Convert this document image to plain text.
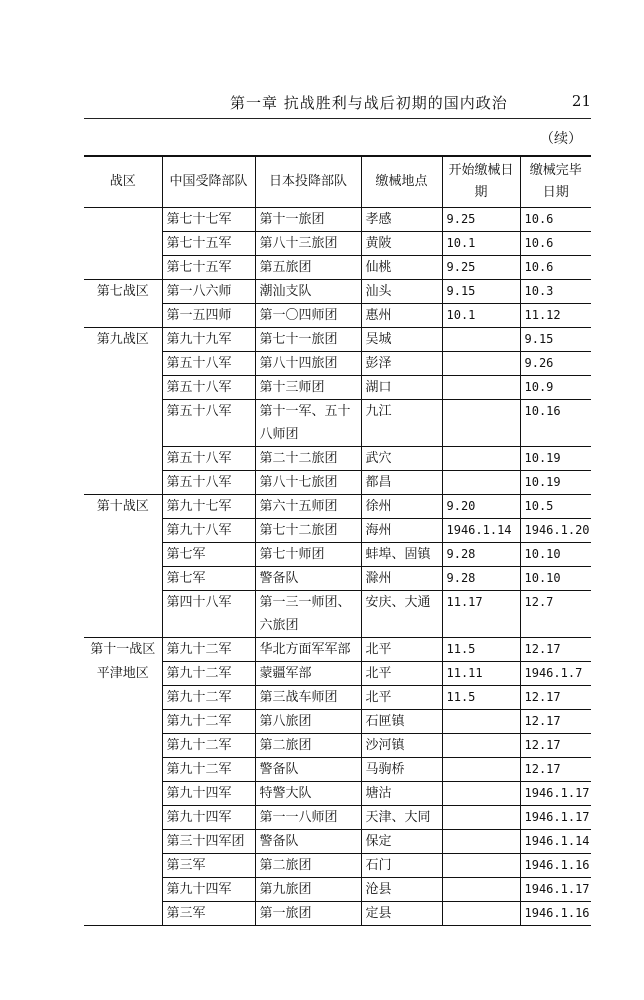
第一章 抗战胜利与战后初期的国内政治	21
（续）
战区	中国受降部队	日本投降部队	缴械地点	开始缴械日期	缴械完毕日期
	第七十七军	第十一旅团	孝感	9.25	10.6
	第七十五军	第八十三旅团	黄陂	10.1	10.6
	第七十五军	第五旅团	仙桃	9.25	10.6
第七战区	第一八六师	潮汕支队	汕头	9.15	10.3
	第一五四师	第一〇四师团	惠州	10.1	11.12
第九战区	第九十九军	第七十一旅团	吴城		9.15
	第五十八军	第八十四旅团	彭泽		9.26
	第五十八军	第十三师团	湖口		10.9
	第五十八军	第十一军、五十八师团	九江		10.16
	第五十八军	第二十二旅团	武穴		10.19
	第五十八军	第八十七旅团	都昌		10.19
第十战区	第九十七军	第六十五师团	徐州	9.20	10.5
	第九十八军	第七十二旅团	海州	1946.1.14	1946.1.20
	第七军	第七十师团	蚌埠、固镇	9.28	10.10
	第七军	警备队	滁州	9.28	10.10
	第四十八军	第一三一师团、六旅团	安庆、大通	11.17	12.7
第十一战区	第九十二军	华北方面军军部	北平	11.5	12.17
平津地区	第九十二军	蒙疆军部	北平	11.11	1946.1.7
	第九十二军	第三战车师团	北平	11.5	12.17
	第九十二军	第八旅团	石匣镇		12.17
	第九十二军	第二旅团	沙河镇		12.17
	第九十二军	警备队	马驹桥		12.17
	第九十四军	特警大队	塘沽		1946.1.17
	第九十四军	第一一八师团	天津、大同		1946.1.17
	第三十四军团	警备队	保定		1946.1.14
	第三军	第二旅团	石门		1946.1.16
	第九十四军	第九旅团	沧县		1946.1.17
	第三军	第一旅团	定县		1946.1.16
